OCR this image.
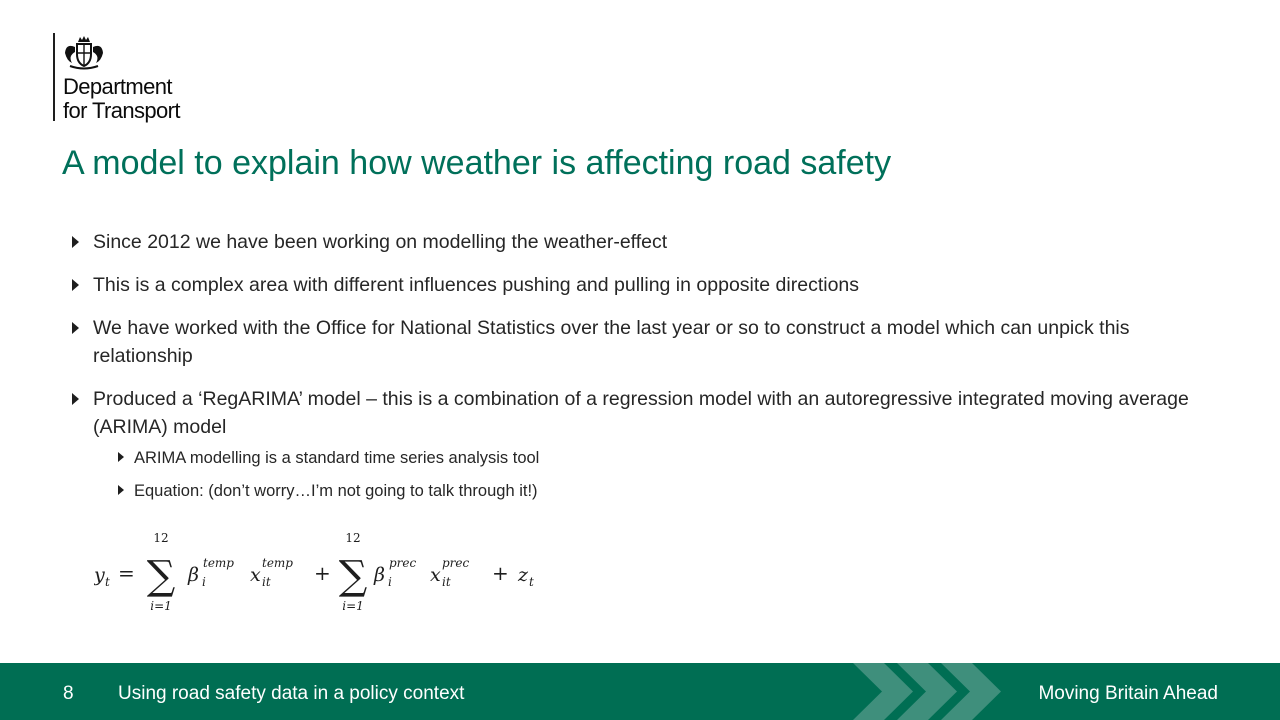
Department
for Transport
A model to explain how weather is affecting road safety
Since 2012 we have been working on modelling the weather-effect
This is a complex area with different influences pushing and pulling in opposite directions
We have worked with the Office for National Statistics over the last year or so to construct a model which can unpick this relationship
Produced a ‘RegARIMA’ model – this is a combination of a regression model with an autoregressive integrated moving average (ARIMA) model
ARIMA modelling is a standard time series analysis tool
Equation: (don’t worry…I’m not going to talk through it!)
y t =
12
∑
i=1
β
temp
i x
temp
it +
12
∑
i=1
β
prec
i x
prec
it + z t
8 Using road safety data in a policy context	Moving Britain Ahead
